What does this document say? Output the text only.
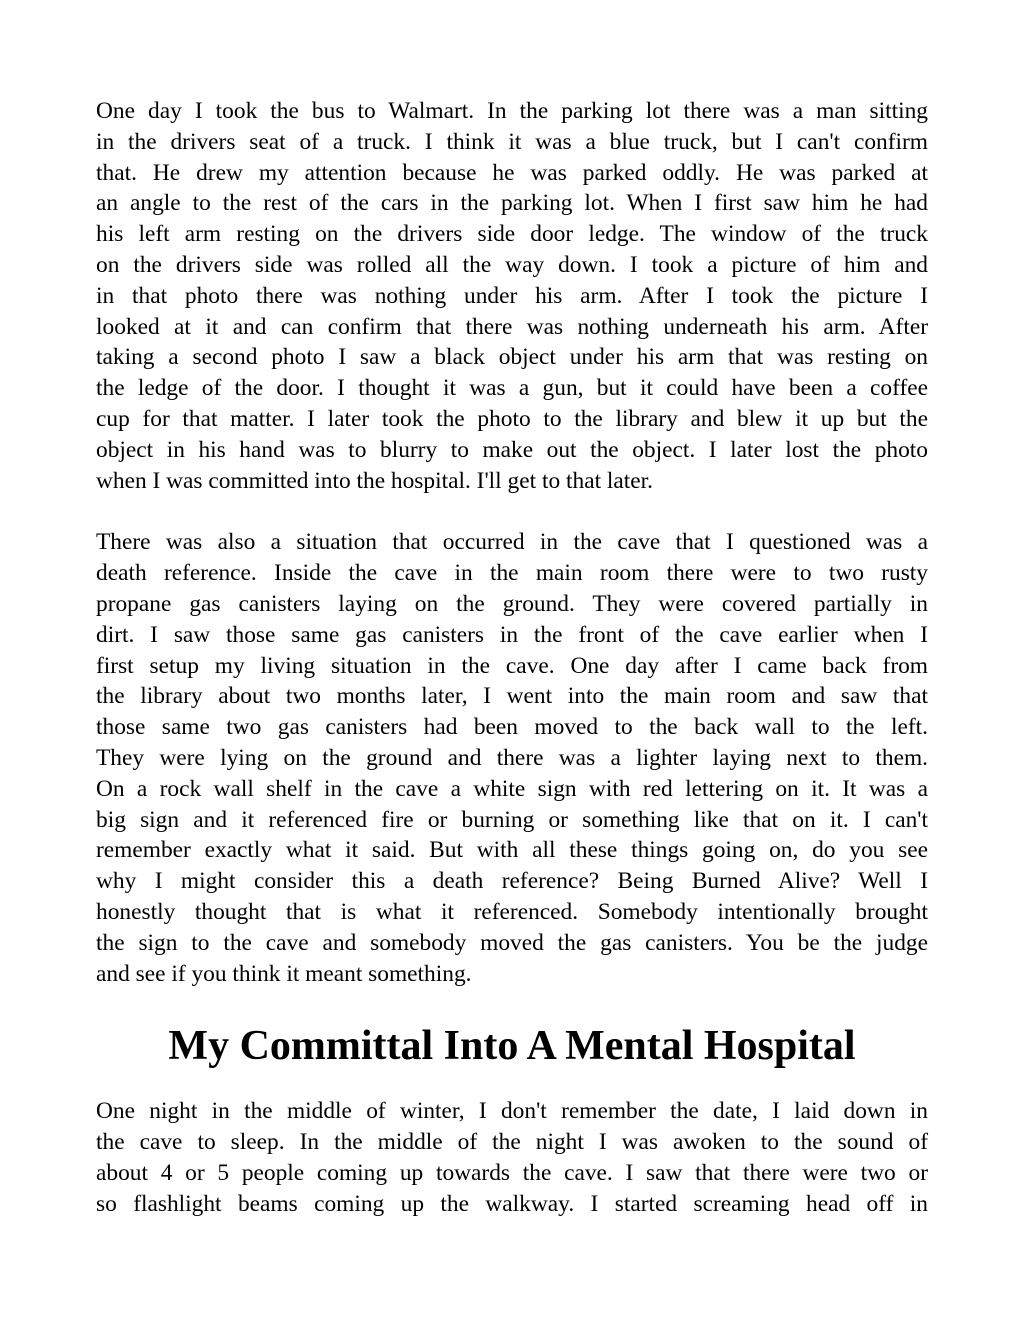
One day I took the bus to Walmart. In the parking lot there was a man sitting
in the drivers seat of a truck. I think it was a blue truck, but I can't confirm
that. He drew my attention because he was parked oddly. He was parked at
an angle to the rest of the cars in the parking lot. When I first saw him he had
his left arm resting on the drivers side door ledge. The window of the truck
on the drivers side was rolled all the way down. I took a picture of him and
in that photo there was nothing under his arm. After I took the picture I
looked at it and can confirm that there was nothing underneath his arm. After
taking a second photo I saw a black object under his arm that was resting on
the ledge of the door. I thought it was a gun, but it could have been a coffee
cup for that matter. I later took the photo to the library and blew it up but the
object in his hand was to blurry to make out the object. I later lost the photo
when I was committed into the hospital. I'll get to that later.
There was also a situation that occurred in the cave that I questioned was a
death reference. Inside the cave in the main room there were to two rusty
propane gas canisters laying on the ground. They were covered partially in
dirt. I saw those same gas canisters in the front of the cave earlier when I
first setup my living situation in the cave. One day after I came back from
the library about two months later, I went into the main room and saw that
those same two gas canisters had been moved to the back wall to the left.
They were lying on the ground and there was a lighter laying next to them.
On a rock wall shelf in the cave a white sign with red lettering on it. It was a
big sign and it referenced fire or burning or something like that on it. I can't
remember exactly what it said. But with all these things going on, do you see
why I might consider this a death reference? Being Burned Alive? Well I
honestly thought that is what it referenced. Somebody intentionally brought
the sign to the cave and somebody moved the gas canisters. You be the judge
and see if you think it meant something.
My Committal Into A Mental Hospital
One night in the middle of winter, I don't remember the date, I laid down in
the cave to sleep. In the middle of the night I was awoken to the sound of
about 4 or 5 people coming up towards the cave. I saw that there were two or
so flashlight beams coming up the walkway. I started screaming head off in
